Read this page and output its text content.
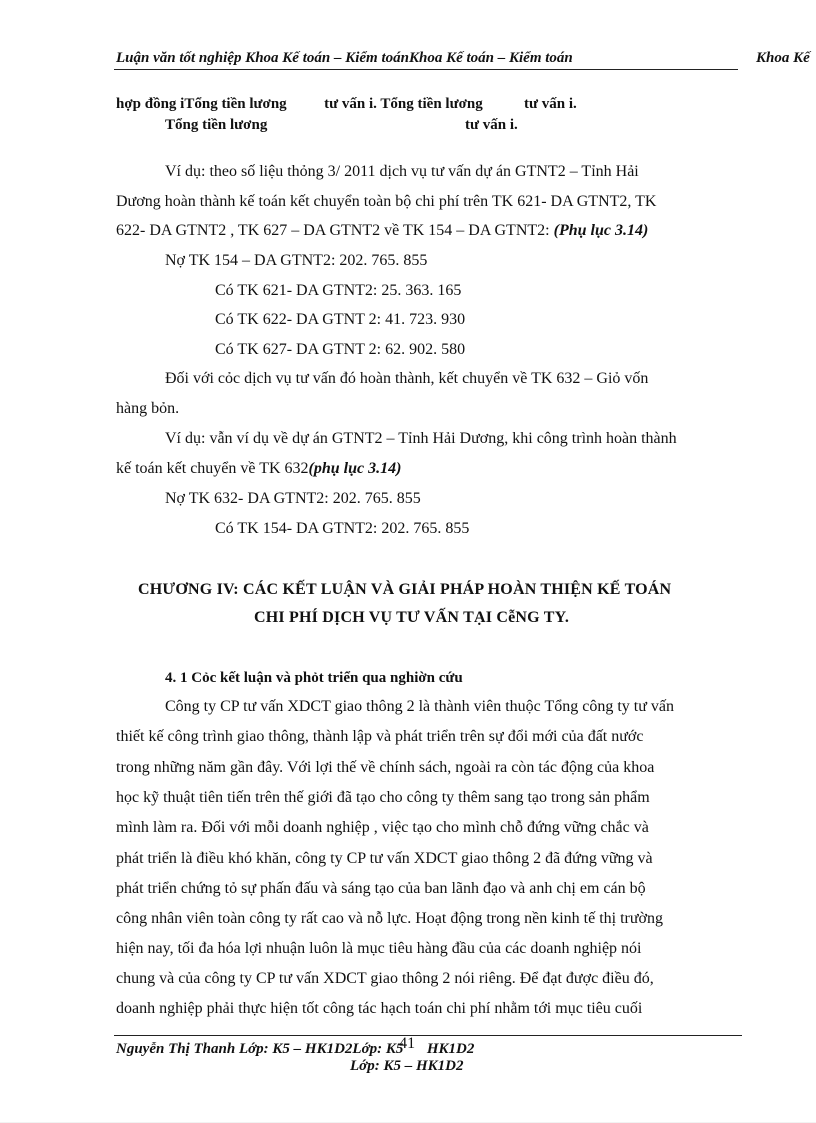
Luận văn tốt nghiệp Khoa Kế toán – Kiểm toánKhoa Kế toán – Kiểm toán	Khoa Kế
hợp đồng iTổng tiền lương          tư vấn i. Tổng tiền lương           tư vấn i.
Tổng tiền lương	tư vấn i.
Ví dụ: theo số liệu thỏng 3/ 2011 dịch vụ tư vấn dự án GTNT2 – Tỉnh Hải
Dương hoàn thành kế toán kết chuyển toàn bộ chi phí trên TK 621- DA GTNT2, TK
622- DA GTNT2 , TK 627 – DA GTNT2 về TK 154 – DA GTNT2: (Phụ lục 3.14)
Nợ TK 154 – DA GTNT2: 202. 765. 855
Có TK 621- DA GTNT2: 25. 363. 165
Có TK 622- DA GTNT 2: 41. 723. 930
Có TK 627- DA GTNT 2: 62. 902. 580
Đối với cỏc dịch vụ tư vấn đó hoàn thành, kết chuyển về TK 632 – Giỏ vốn
hàng bỏn.
Ví dụ: vẫn ví dụ về dự án GTNT2 – Tỉnh Hải Dương, khi công trình hoàn thành
kế toán kết chuyển về TK 632(phụ lục 3.14)
Nợ TK 632- DA GTNT2: 202. 765. 855
Có TK 154- DA GTNT2: 202. 765. 855
CHƯƠNG IV: CÁC KẾT LUẬN VÀ GIẢI PHÁP HOÀN THIỆN KẾ TOÁN
CHI PHÍ DỊCH VỤ TƯ VẤN TẠI CễNG TY.
4. 1 Cỏc kết luận và phỏt triển qua nghiờn cứu
Công ty CP tư vấn XDCT giao thông 2 là thành viên thuộc Tổng công ty tư vấn
thiết kế công trình giao thông, thành lập và phát triển trên sự đổi mới của đất nước
trong những năm gần đây. Với lợi thế về chính sách, ngoài ra còn tác động của khoa
học kỹ thuật tiên tiến trên thế giới đã tạo cho công ty thêm sang tạo trong sản phẩm
mình làm ra. Đối với mỗi doanh nghiệp , việc tạo cho mình chỗ đứng vững chắc và
phát triển là điều khó khăn, công ty CP tư vấn XDCT giao thông 2 đã đứng vững và
phát triển chứng tỏ sự phấn đấu và sáng tạo của ban lãnh đạo và anh chị em cán bộ
công nhân viên toàn công ty rất cao và nỗ lực. Hoạt động trong nền kinh tế thị trường
hiện nay, tối đa hóa lợi nhuận luôn là mục tiêu hàng đầu của các doanh nghiệp nói
chung và của công ty CP tư vấn XDCT giao thông 2 nói riêng. Để đạt được điều đó,
doanh nghiệp phải thực hiện tốt công tác hạch toán chi phí nhằm tới mục tiêu cuối
Nguyễn Thị Thanh Lớp: K5 – HK1D2Lớp: K5 41 HK1D2
Lớp: K5 – HK1D2
